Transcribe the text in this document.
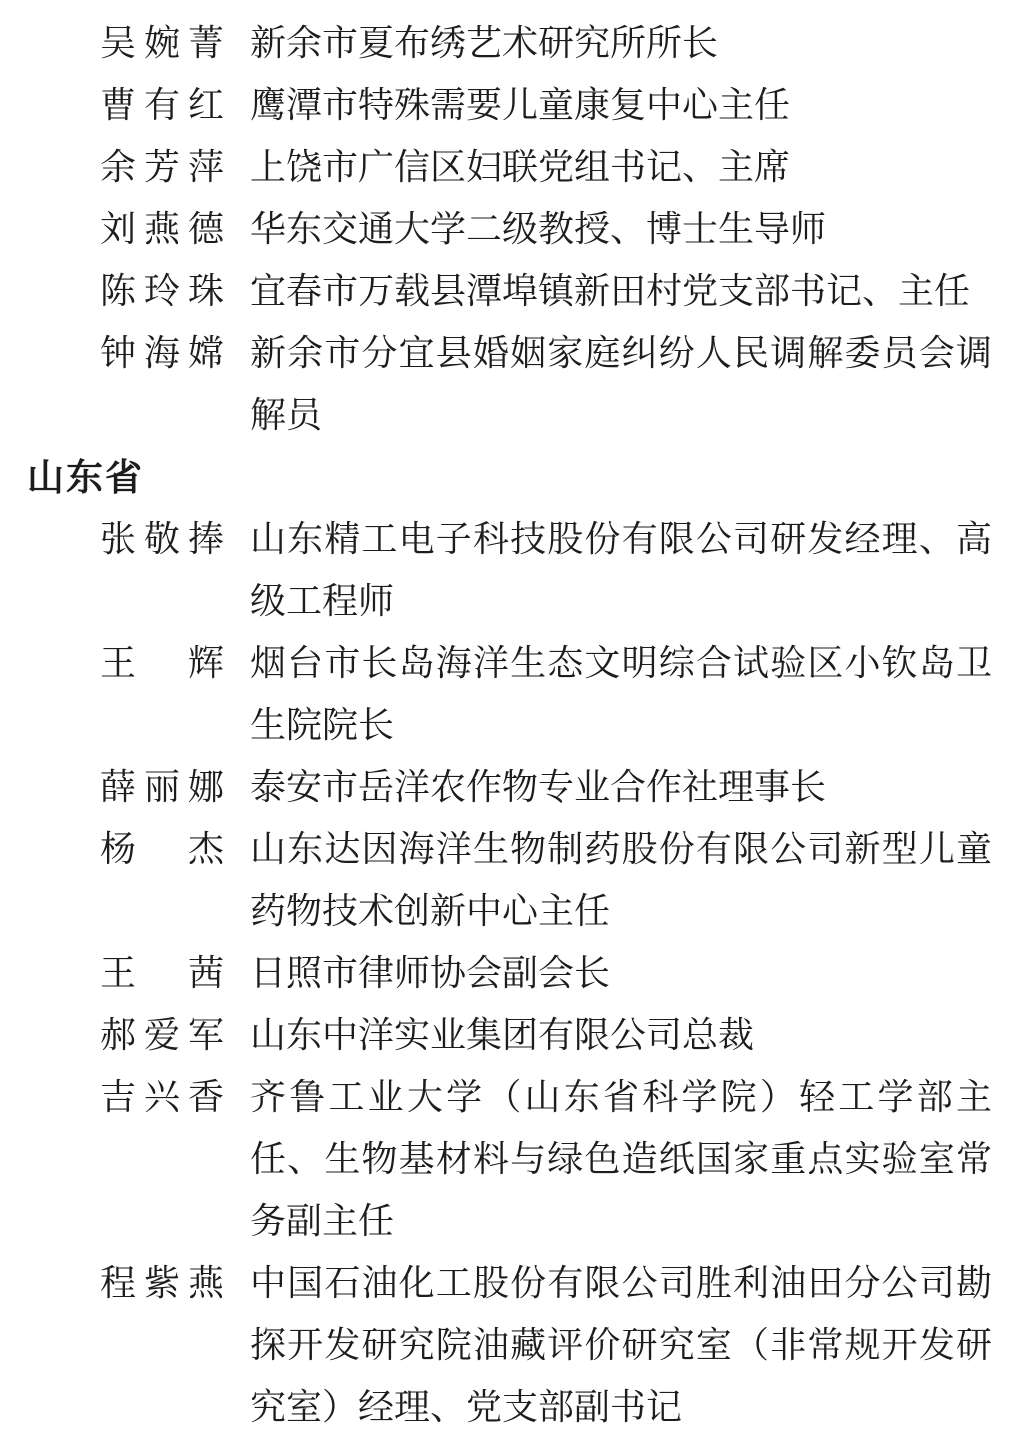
吴婉菁 新余市夏布绣艺术研究所所长
曹有红 鹰潭市特殊需要儿童康复中心主任
余芳萍 上饶市广信区妇联党组书记、主席
刘燕德 华东交通大学二级教授、博士生导师
陈玲珠 宜春市万载县潭埠镇新田村党支部书记、主任
钟海嫦 新余市分宜县婚姻家庭纠纷人民调解委员会调解员
山东省
张敬捧 山东精工电子科技股份有限公司研发经理、高级工程师
王　辉 烟台市长岛海洋生态文明综合试验区小钦岛卫生院院长
薛丽娜 泰安市岳洋农作物专业合作社理事长
杨　杰 山东达因海洋生物制药股份有限公司新型儿童药物技术创新中心主任
王　茜 日照市律师协会副会长
郝爱军 山东中洋实业集团有限公司总裁
吉兴香 齐鲁工业大学（山东省科学院）轻工学部主任、生物基材料与绿色造纸国家重点实验室常务副主任
程紫燕 中国石油化工股份有限公司胜利油田分公司勘探开发研究院油藏评价研究室（非常规开发研究室）经理、党支部副书记
